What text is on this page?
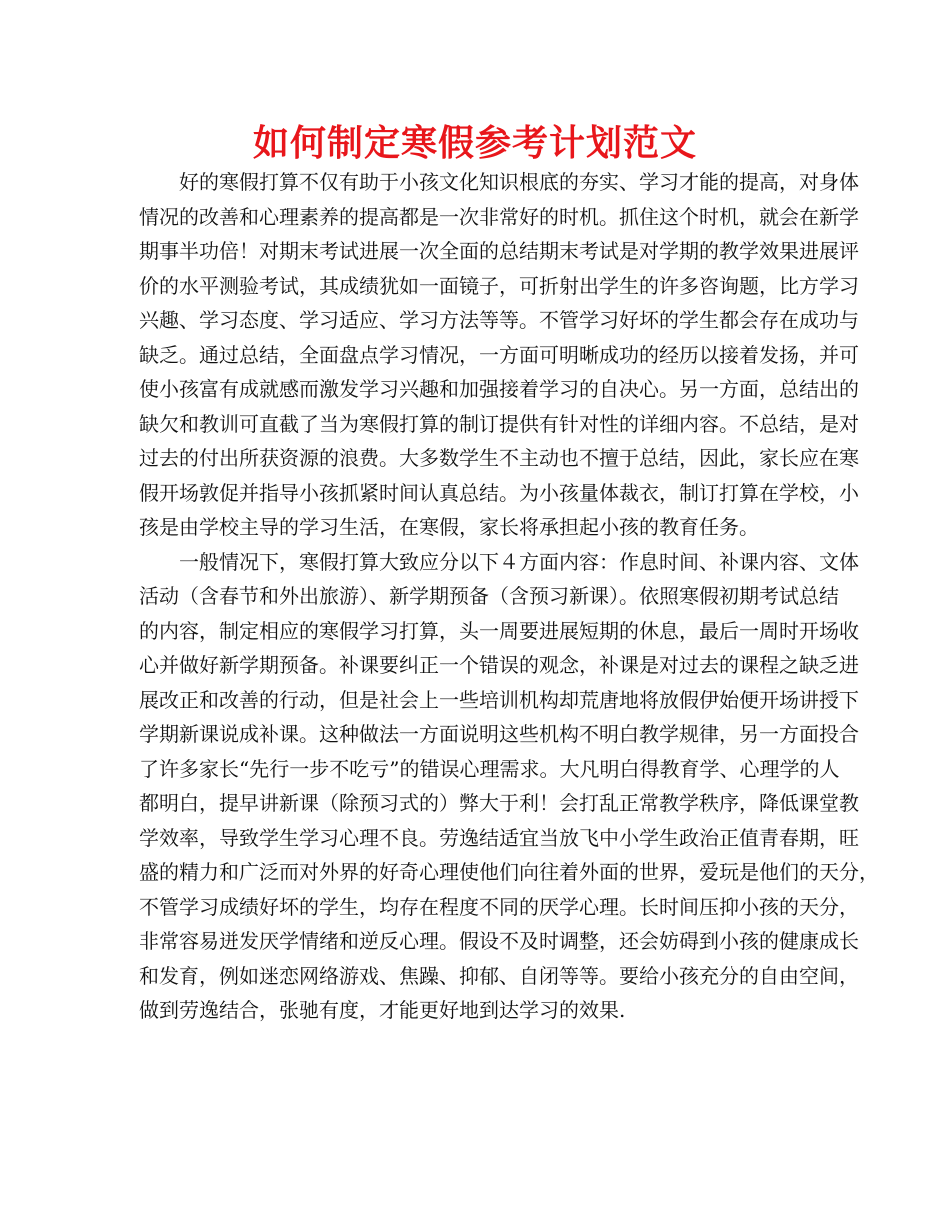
如何制定寒假参考计划范文

好的寒假打算不仅有助于小孩文化知识根底的夯实、学习才能的提高，对身体
情况的改善和心理素养的提高都是一次非常好的时机。抓住这个时机，就会在新学
期事半功倍！对期末考试进展一次全面的总结期末考试是对学期的教学效果进展评
价的水平测验考试，其成绩犹如一面镜子，可折射出学生的许多咨询题，比方学习
兴趣、学习态度、学习适应、学习方法等等。不管学习好坏的学生都会存在成功与
缺乏。通过总结，全面盘点学习情况，一方面可明晰成功的经历以接着发扬，并可
使小孩富有成就感而激发学习兴趣和加强接着学习的自决心。另一方面，总结出的
缺欠和教训可直截了当为寒假打算的制订提供有针对性的详细内容。不总结，是对
过去的付出所获资源的浪费。大多数学生不主动也不擅于总结，因此，家长应在寒
假开场敦促并指导小孩抓紧时间认真总结。为小孩量体裁衣，制订打算在学校，小
孩是由学校主导的学习生活，在寒假，家长将承担起小孩的教育任务。

一般情况下，寒假打算大致应分以下４方面内容：作息时间、补课内容、文体
活动（含春节和外出旅游）、新学期预备（含预习新课）。依照寒假初期考试总结
的内容，制定相应的寒假学习打算，头一周要进展短期的休息，最后一周时开场收
心并做好新学期预备。补课要纠正一个错误的观念，补课是对过去的课程之缺乏进
展改正和改善的行动，但是社会上一些培训机构却荒唐地将放假伊始便开场讲授下
学期新课说成补课。这种做法一方面说明这些机构不明白教学规律，另一方面投合
了许多家长“先行一步不吃亏”的错误心理需求。大凡明白得教育学、心理学的人
都明白，提早讲新课（除预习式的）弊大于利！会打乱正常教学秩序，降低课堂教
学效率，导致学生学习心理不良。劳逸结适宜当放飞中小学生政治正值青春期，旺
盛的精力和广泛而对外界的好奇心理使他们向往着外面的世界，爱玩是他们的天分，
不管学习成绩好坏的学生，均存在程度不同的厌学心理。长时间压抑小孩的天分，
非常容易迸发厌学情绪和逆反心理。假设不及时调整，还会妨碍到小孩的健康成长
和发育，例如迷恋网络游戏、焦躁、抑郁、自闭等等。要给小孩充分的自由空间，
做到劳逸结合，张驰有度，才能更好地到达学习的效果.
